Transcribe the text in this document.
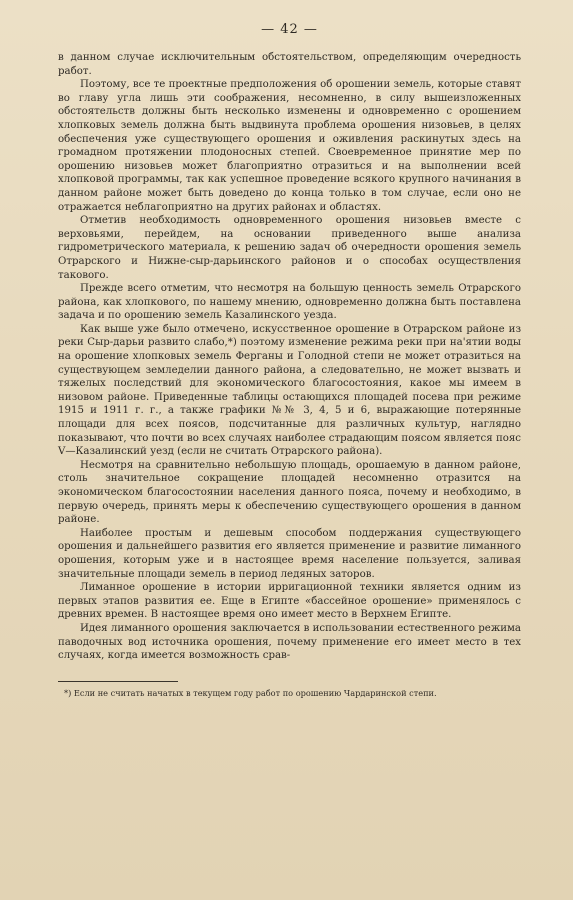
— 42 —

в данном случае исключительным обстоятельством, определяющим очередность работ.

Поэтому, все те проектные предположения об орошении земель, которые ставят во главу угла лишь эти соображения, несомненно, в силу вышеизложенных обстоятельств должны быть несколько изменены и одновременно с орошением хлопковых земель должна быть выдвинута проблема орошения низовьев, в целях обеспечения уже существующего орошения и оживления раскинутых здесь на громадном протяжении плодоносных степей. Своевременное принятие мер по орошению низовьев может благоприятно отразиться и на выполнении всей хлопковой программы, так как успешное проведение всякого крупного начинания в данном районе может быть доведено до конца только в том случае, если оно не отражается неблагоприятно на других районах и областях.

Отметив необходимость одновременного орошения низовьев вместе с верховьями, перейдем, на основании приведенного выше анализа гидрометрического материала, к решению задач об очередности орошения земель Отрарского и Нижне-сыр-дарьинского районов и о способах осуществления такового.

Прежде всего отметим, что несмотря на большую ценность земель Отрарского района, как хлопкового, по нашему мнению, одновременно должна быть поставлена задача и по орошению земель Казалинского уезда.

Как выше уже было отмечено, искусственное орошение в Отрарском районе из реки Сыр-дарьи развито слабо,*) поэтому изменение режима реки при на'ятии воды на орошение хлопковых земель Ферганы и Голодной степи не может отразиться на существующем земледелии данного района, а следовательно, не может вызвать и тяжелых последствий для экономического благосостояния, какое мы имеем в низовом районе. Приведенные таблицы остающихся площадей посева при режиме 1915 и 1911 г. г., а также графики №№ 3, 4, 5 и 6, выражающие потерянные площади для всех поясов, подсчитанные для различных культур, наглядно показывают, что почти во всех случаях наиболее страдающим поясом является пояс V—Казалинский уезд (если не считать Отрарского района).

Несмотря на сравнительно небольшую площадь, орошаемую в данном районе, столь значительное сокращение площадей несомненно отразится на экономическом благосостоянии населения данного пояса, почему и необходимо, в первую очередь, принять меры к обеспечению существующего орошения в данном районе.

Наиболее простым и дешевым способом поддержания существующего орошения и дальнейшего развития его является применение и развитие лиманного орошения, которым уже и в настоящее время население пользуется, заливая значительные площади земель в период ледяных заторов.

Лиманное орошение в истории ирригационной техники является одним из первых этапов развития ее. Еще в Египте «бассейное орошение» применялось с древних времен. В настоящее время оно имеет место в Верхнем Египте.

Идея лиманного орошения заключается в использовании естественного режима паводочных вод источника орошения, почему применение его имеет место в тех случаях, когда имеется возможность срав-

*) Если не считать начатых в текущем году работ по орошению Чардаринской степи.
